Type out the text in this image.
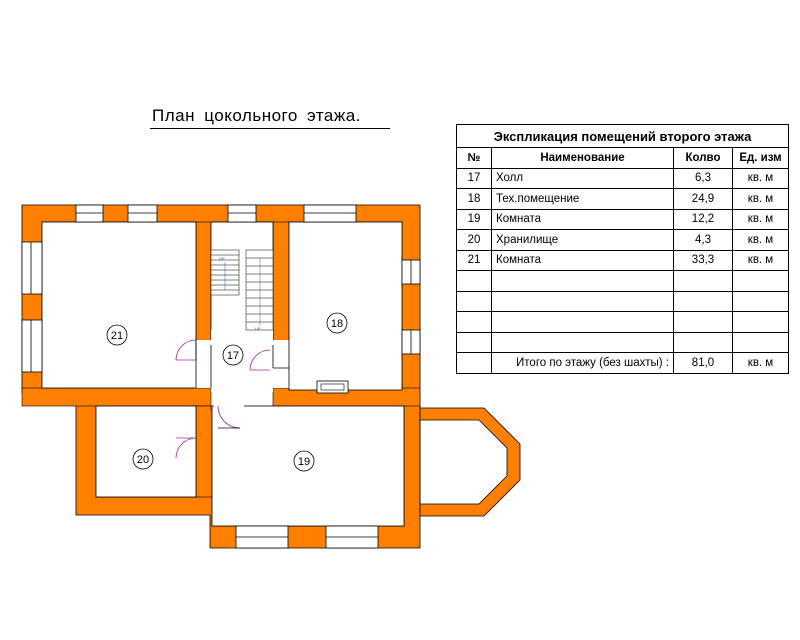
План цокольного этажа.
UP
UP
21
17
18
20	19
Экспликация помещений второго этажа			
№	Наименование	Колво	Ед. изм
17	Холл	6,3	кв. м
18	Тех.помещение	24,9	кв. м
19	Комната	12,2	кв. м
20	Хранилище	4,3	кв. м
21	Комната	33,3	кв. м

	Итого по этажу (без шахты) :	81,0	кв. м
